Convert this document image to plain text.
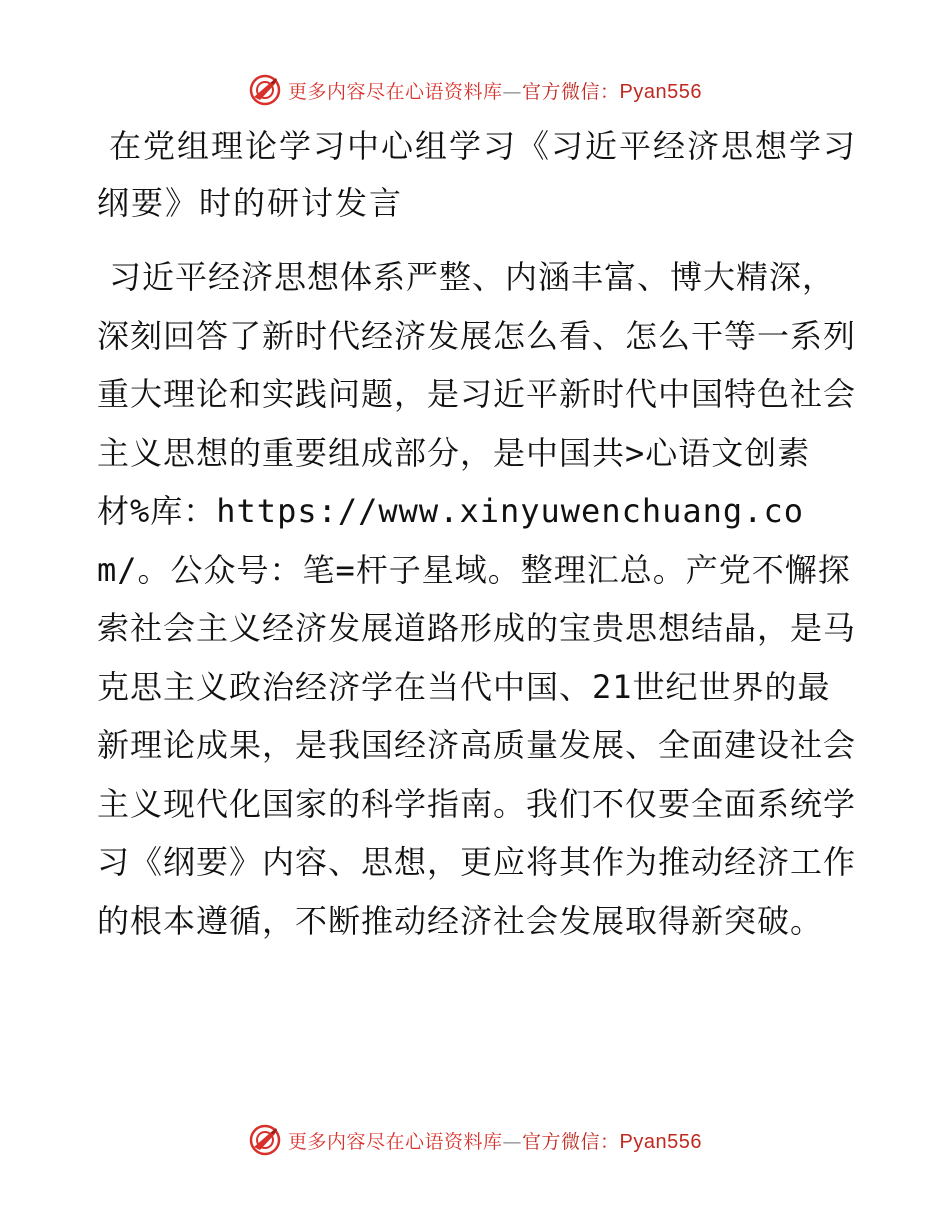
更多内容尽在心语资料库—官方微信：Pyan556
在党组理论学习中心组学习《习近平经济思想学习纲要》时的研讨发言

习近平经济思想体系严整、内涵丰富、博大精深，深刻回答了新时代经济发展怎么看、怎么干等一系列重大理论和实践问题，是习近平新时代中国特色社会主义思想的重要组成部分，是中国共>心语文创素材%库：https://www.xinyuwenchuang.com/。公众号：笔=杆子星域。整理汇总。产党不懈探索社会主义经济发展道路形成的宝贵思想结晶，是马克思主义政治经济学在当代中国、21世纪世界的最新理论成果，是我国经济高质量发展、全面建设社会主义现代化国家的科学指南。我们不仅要全面系统学习《纲要》内容、思想，更应将其作为推动经济工作的根本遵循，不断推动经济社会发展取得新突破。

更多内容尽在心语资料库—官方微信：Pyan556
